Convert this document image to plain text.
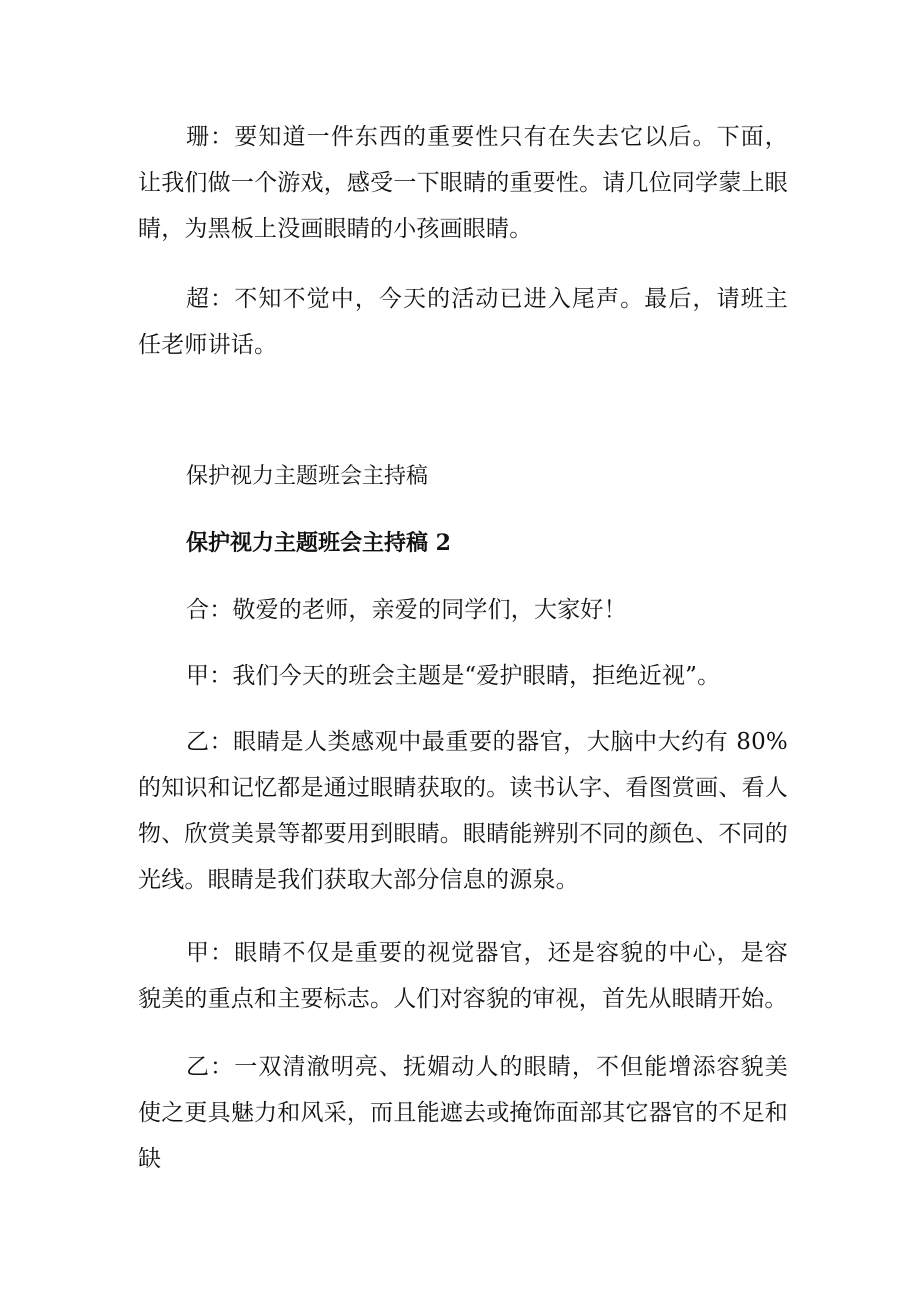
珊：要知道一件东西的重要性只有在失去它以后。下面，让我们做一个游戏，感受一下眼睛的重要性。请几位同学蒙上眼睛，为黑板上没画眼睛的小孩画眼睛。

超：不知不觉中，今天的活动已进入尾声。最后，请班主任老师讲话。

保护视力主题班会主持稿

保护视力主题班会主持稿 2

合：敬爱的老师，亲爱的同学们，大家好！

甲：我们今天的班会主题是“爱护眼睛，拒绝近视”。

乙：眼睛是人类感观中最重要的器官，大脑中大约有 80%的知识和记忆都是通过眼睛获取的。读书认字、看图赏画、看人物、欣赏美景等都要用到眼睛。眼睛能辨别不同的颜色、不同的光线。眼睛是我们获取大部分信息的源泉。

甲：眼睛不仅是重要的视觉器官，还是容貌的中心，是容貌美的重点和主要标志。人们对容貌的审视，首先从眼睛开始。

乙：一双清澈明亮、抚媚动人的眼睛，不但能增添容貌美使之更具魅力和风采，而且能遮去或掩饰面部其它器官的不足和缺
